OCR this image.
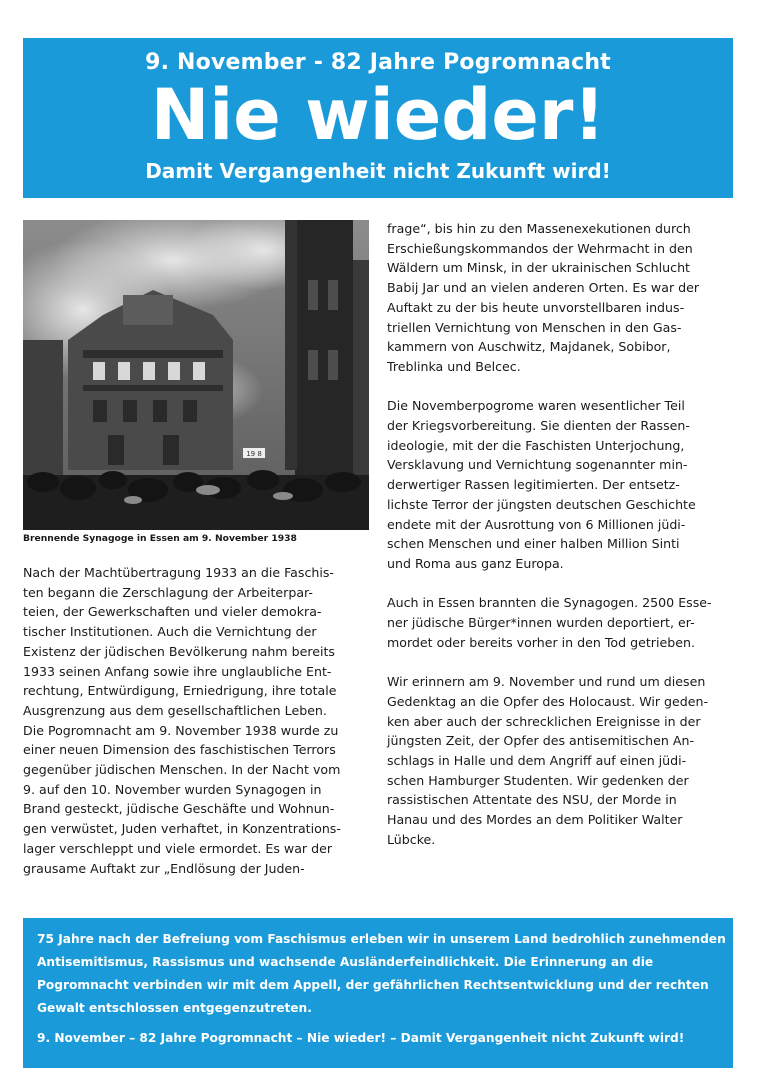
9. November - 82 Jahre Pogromnacht
Nie wieder!
Damit Vergangenheit nicht Zukunft wird!
19 8
Brennende Synagoge in Essen am 9. November 1938

Nach der Machtübertragung 1933 an die Faschis-
ten begann die Zerschlagung der Arbeiterpar-
teien, der Gewerkschaften und vieler demokra-
tischer Institutionen. Auch die Vernichtung der
Existenz der jüdischen Bevölkerung nahm bereits
1933 seinen Anfang sowie ihre unglaubliche Ent-
rechtung, Entwürdigung, Erniedrigung, ihre totale
Ausgrenzung aus dem gesellschaftlichen Leben.
Die Pogromnacht am 9. November 1938 wurde zu
einer neuen Dimension des faschistischen Terrors
gegenüber jüdischen Menschen. In der Nacht vom
9. auf den 10. November wurden Synagogen in
Brand gesteckt, jüdische Geschäfte und Wohnun-
gen verwüstet, Juden verhaftet, in Konzentrations-
lager verschleppt und viele ermordet. Es war der
grausame Auftakt zur „Endlösung der Juden-

frage“, bis hin zu den Massenexekutionen durch
Erschießungskommandos der Wehrmacht in den
Wäldern um Minsk, in der ukrainischen Schlucht
Babij Jar und an vielen anderen Orten. Es war der
Auftakt zu der bis heute unvorstellbaren indus-
triellen Vernichtung von Menschen in den Gas-
kammern von Auschwitz, Majdanek, Sobibor,
Treblinka und Belcec.

Die Novemberpogrome waren wesentlicher Teil
der Kriegsvorbereitung. Sie dienten der Rassen-
ideologie, mit der die Faschisten Unterjochung,
Versklavung und Vernichtung sogenannter min-
derwertiger Rassen legitimierten. Der entsetz-
lichste Terror der jüngsten deutschen Geschichte
endete mit der Ausrottung von 6 Millionen jüdi-
schen Menschen und einer halben Million Sinti
und Roma aus ganz Europa.

Auch in Essen brannten die Synagogen. 2500 Esse-
ner jüdische Bürger*innen wurden deportiert, er-
mordet oder bereits vorher in den Tod getrieben.

Wir erinnern am 9. November und rund um diesen
Gedenktag an die Opfer des Holocaust. Wir geden-
ken aber auch der schrecklichen Ereignisse in der
jüngsten Zeit, der Opfer des antisemitischen An-
schlags in Halle und dem Angriff auf einen jüdi-
schen Hamburger Studenten. Wir gedenken der
rassistischen Attentate des NSU, der Morde in
Hanau und des Mordes an dem Politiker Walter
Lübcke.

75 Jahre nach der Befreiung vom Faschismus erleben wir in unserem Land bedrohlich zunehmenden
Antisemitismus, Rassismus und wachsende Ausländerfeindlichkeit. Die Erinnerung an die
Pogromnacht verbinden wir mit dem Appell, der gefährlichen Rechtsentwicklung und der rechten
Gewalt entschlossen entgegenzutreten.
9. November – 82 Jahre Pogromnacht – Nie wieder! – Damit Vergangenheit nicht Zukunft wird!
